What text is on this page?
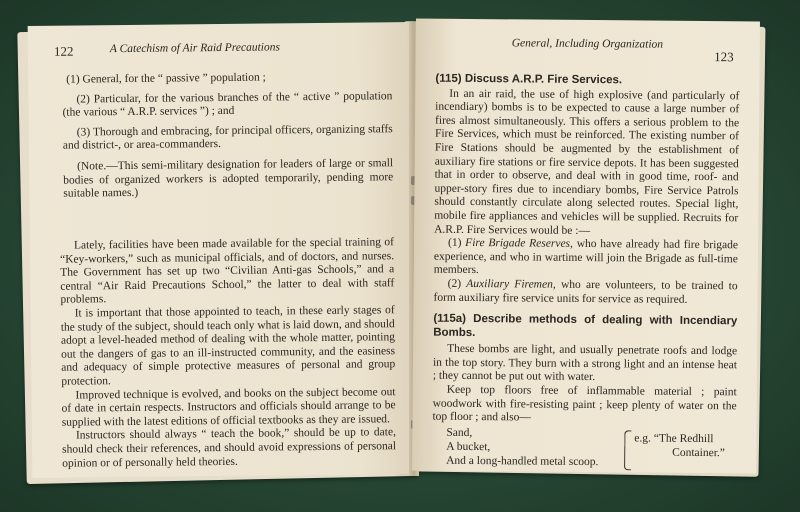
122	A Catechism of Air Raid Precautions

(1) General, for the “ passive ” population ;

(2) Particular, for the various branches of the “ active ” population (the various “ A.R.P. services ”) ; and

(3) Thorough and embracing, for principal officers, organizing staffs and district-, or area-commanders.

(Note.—This semi-military designation for leaders of large or small bodies of organized workers is adopted temporarily, pending more suitable names.)

Lately, facilities have been made available for the special training of “Key-workers,” such as municipal officials, and of doctors, and nurses. The Government has set up two “Civilian Anti-gas Schools,” and a central “Air Raid Precautions School,” the latter to deal with staff problems.

It is important that those appointed to teach, in these early stages of the study of the subject, should teach only what is laid down, and should adopt a level-headed method of dealing with the whole matter, pointing out the dangers of gas to an ill-instructed community, and the easiness and adequacy of simple protective measures of personal and group protection.

Improved technique is evolved, and books on the subject become out of date in certain respects. Instructors and officials should arrange to be supplied with the latest editions of official textbooks as they are issued.

Instructors should always “ teach the book,” should be up to date, should check their references, and should avoid expressions of personal opinion or of personally held theories.

General, Including Organization
123

(115) Discuss A.R.P. Fire Services.

In an air raid, the use of high explosive (and particularly of incendiary) bombs is to be expected to cause a large number of fires almost simultaneously. This offers a serious problem to the Fire Services, which must be reinforced. The existing number of Fire Stations should be augmented by the establishment of auxiliary fire stations or fire service depots. It has been suggested that in order to observe, and deal with in good time, roof- and upper-story fires due to incendiary bombs, Fire Service Patrols should constantly circulate along selected routes. Special light, mobile fire appliances and vehicles will be supplied. Recruits for A.R.P. Fire Services would be :—

(1) Fire Brigade Reserves, who have already had fire brigade experience, and who in wartime will join the Brigade as full-time members.

(2) Auxiliary Firemen, who are volunteers, to be trained to form auxiliary fire service units for service as required.

(115a) Describe methods of dealing with Incendiary Bombs.

These bombs are light, and usually penetrate roofs and lodge in the top story. They burn with a strong light and an intense heat ; they cannot be put out with water.

Keep top floors free of inflammable material ; paint woodwork with fire-resisting paint ; keep plenty of water on the top floor ; and also—

Sand,
A bucket,
And a long-handled metal scoop.
e.g. “The Redhill
Container.”
